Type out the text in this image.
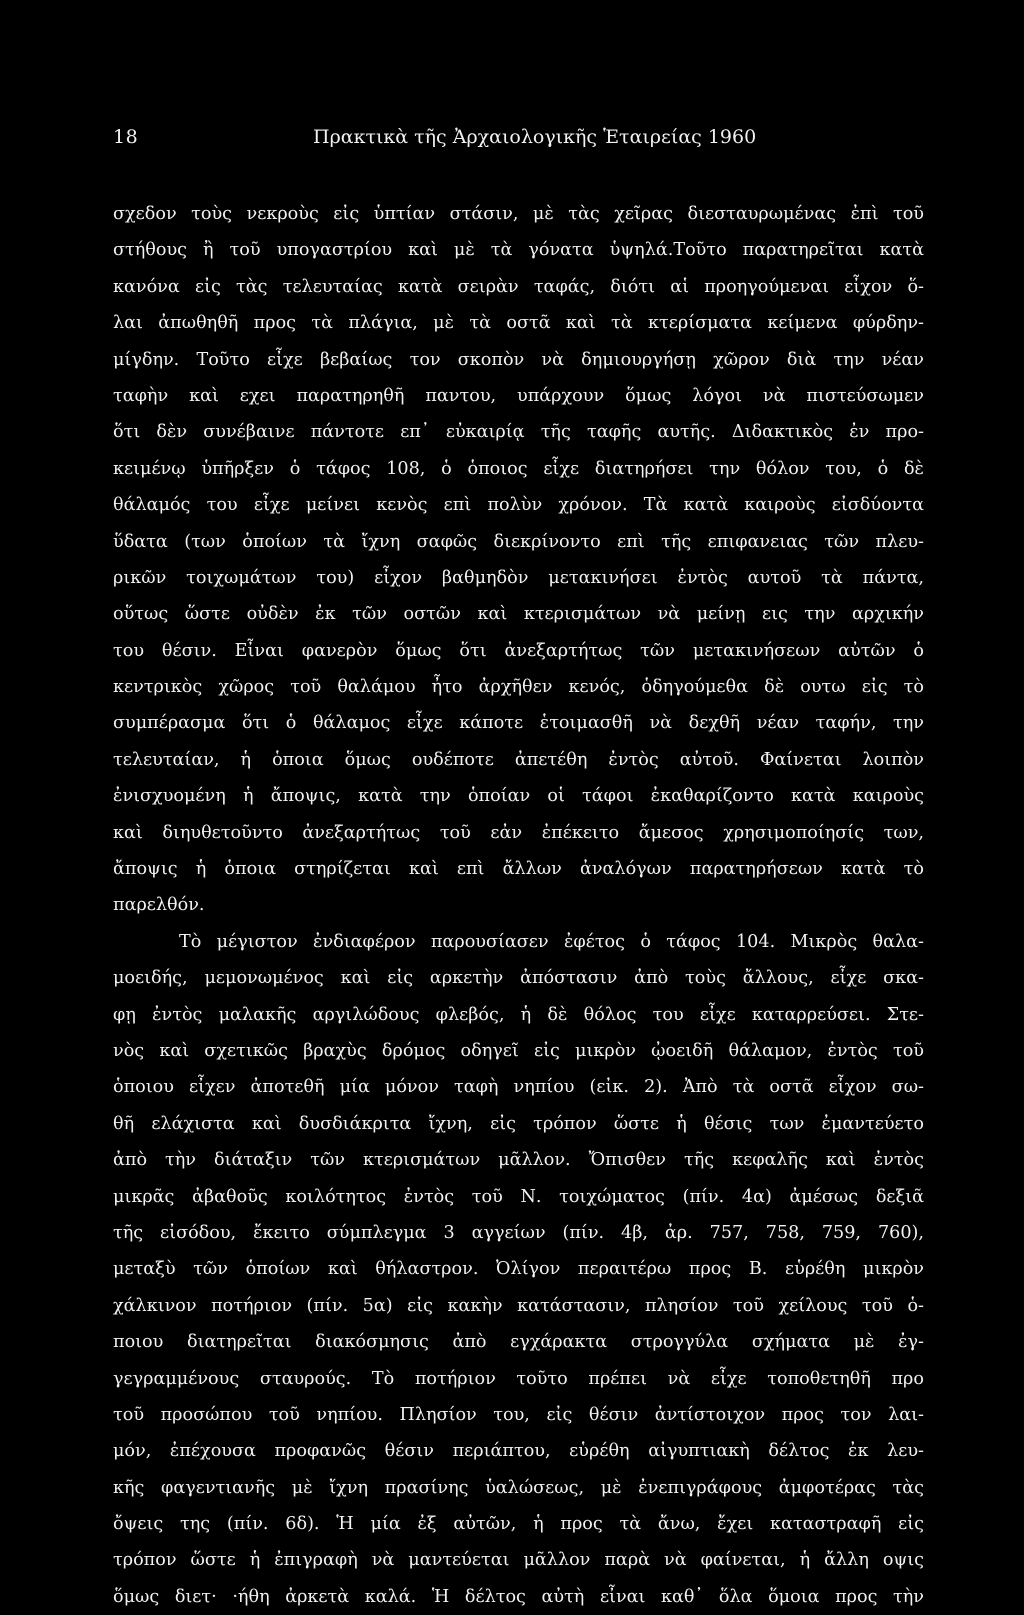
18	Πρακτικὰ τῆς Ἀρχαιολογικῆς Ἑταιρείας 1960
σχεδον τοὺς νεκροὺς εἰς ὑπτίαν στάσιν, μὲ τὰς χεῖρας διεσταυρωμένας ἐπὶ τοῦ
στήθους ἢ τοῦ υπογαστρίου καὶ μὲ τὰ γόνατα ὑψηλά.Τοῦτο παρατηρεῖται κατὰ
κανόνα εἰς τὰς τελευταίας κατὰ σειρὰν ταφάς, διότι αἱ προηγούμεναι εἶχον ὅ-
λαι ἀπωθηθῆ προς τὰ πλάγια, μὲ τὰ οστᾶ καὶ τὰ κτερίσματα κείμενα φύρδην-
μίγδην. Τοῦτο εἶχε βεβαίως τον σκοπὸν νὰ δημιουργήσῃ χῶρον διὰ την νέαν
ταφὴν καὶ εχει παρατηρηθῆ παντου, υπάρχουν ὅμως λόγοι νὰ πιστεύσωμεν
ὅτι δὲν συνέβαινε πάντοτε επ᾿ εὐκαιρίᾳ τῆς ταφῆς αυτῆς. Διδακτικὸς ἐν προ-
κειμένῳ ὑπῆρξεν ὁ τάφος 108, ὁ ὁποιος εἶχε διατηρήσει την θόλον του, ὁ δὲ
θάλαμός του εἶχε μείνει κενὸς επὶ πολὺν χρόνον. Τὰ κατὰ καιροὺς εἰσδύοντα
ὕδατα (των ὁποίων τὰ ἴχνη σαφῶς διεκρίνοντο επὶ τῆς επιφανειας τῶν πλευ-
ρικῶν τοιχωμάτων του) εἶχον βαθμηδὸν μετακινήσει ἐντὸς αυτοῦ τὰ πάντα,
οὕτως ὥστε οὐδὲν ἐκ τῶν οστῶν καὶ κτερισμάτων νὰ μείνῃ εις την αρχικήν
του θέσιν. Εἶναι φανερὸν ὅμως ὅτι ἀνεξαρτήτως τῶν μετακινήσεων αὐτῶν ὁ
κεντρικὸς χῶρος τοῦ θαλάμου ἦτο ἀρχῆθεν κενός, ὁδηγούμεθα δὲ ουτω εἰς τὸ
συμπέρασμα ὅτι ὁ θάλαμος εἶχε κάποτε ἑτοιμασθῆ νὰ δεχθῆ νέαν ταφήν, την
τελευταίαν, ἡ ὁποια ὅμως ουδέποτε ἀπετέθη ἐντὸς αὐτοῦ. Φαίνεται λοιπὸν
ἐνισχυομένη ἡ ἄποψις, κατὰ την ὁποίαν οἱ τάφοι ἐκαθαρίζοντο κατὰ καιροὺς
καὶ διηυθετοῦντο ἀνεξαρτήτως τοῦ εἀν ἐπέκειτο ἄμεσος χρησιμοποίησίς των,
ἄποψις ἡ ὁποια στηρίζεται καὶ επὶ ἄλλων ἀναλόγων παρατηρήσεων κατὰ τὸ
παρελθόν.
Τὸ μέγιστον ἐνδιαφέρον παρουσίασεν ἐφέτος ὁ τάφος 104. Μικρὸς θαλα-
μοειδής, μεμονωμένος καὶ εἰς αρκετὴν ἀπόστασιν ἀπὸ τοὺς ἄλλους, εἶχε σκα-
φῃ ἐντὸς μαλακῆς αργιλώδους φλεβός, ἡ δὲ θόλος του εἶχε καταρρεύσει. Στε-
νὸς καὶ σχετικῶς βραχὺς δρόμος οδηγεῖ εἰς μικρὸν ᾠοειδῆ θάλαμον, ἐντὸς τοῦ
ὁποιου εἶχεν ἀποτεθῆ μία μόνον ταφὴ νηπίου (εἰκ. 2). Ἀπὸ τὰ οστᾶ εἶχον σω-
θῆ ελάχιστα καὶ δυσδιάκριτα ἴχνη, εἰς τρόπον ὥστε ἡ θέσις των ἐμαντεύετο
ἀπὸ τὴν διάταξιν τῶν κτερισμάτων μᾶλλον. Ὄπισθεν τῆς κεφαλῆς καὶ ἐντὸς
μικρᾶς ἀβαθοῦς κοιλότητος ἐντὸς τοῦ Ν. τοιχώματος (πίν. 4α) ἀμέσως δεξιᾶ
τῆς εἰσόδου, ἔκειτο σύμπλεγμα 3 αγγείων (πίν. 4β, ἀρ. 757, 758, 759, 760),
μεταξὺ τῶν ὁποίων καὶ θήλαστρον. Ὀλίγον περαιτέρω προς Β. εὑρέθη μικρὸν
χάλκινον ποτήριον (πίν. 5α) εἰς κακὴν κατάστασιν, πλησίον τοῦ χείλους τοῦ ὁ-
ποιου διατηρεῖται διακόσμησις ἀπὸ εγχάρακτα στρογγύλα σχήματα μὲ ἐγ-
γεγραμμένους σταυρούς. Τὸ ποτήριον τοῦτο πρέπει νὰ εἶχε τοποθετηθῆ προ
τοῦ προσώπου τοῦ νηπίου. Πλησίον του, εἰς θέσιν ἀντίστοιχον προς τον λαι-
μόν, ἐπέχουσα προφανῶς θέσιν περιάπτου, εὑρέθη αἰγυπτιακὴ δέλτος ἐκ λευ-
κῆς φαγεντιανῆς μὲ ἴχνη πρασίνης ὑαλώσεως, μὲ ἐνεπιγράφους ἀμφοτέρας τὰς
ὄψεις της (πίν. 6δ). Ἡ μία ἐξ αὐτῶν, ἡ προς τὰ ἄνω, ἔχει καταστραφῆ εἰς
τρόπον ὥστε ἡ ἐπιγραφὴ νὰ μαντεύεται μᾶλλον παρὰ νὰ φαίνεται, ἡ ἄλλη οψις
ὅμως διετ· ·ήθη ἀρκετὰ καλά. Ἡ δέλτος αὐτὴ εἶναι καθ᾿ ὅλα ὅμοια προς τὴν
